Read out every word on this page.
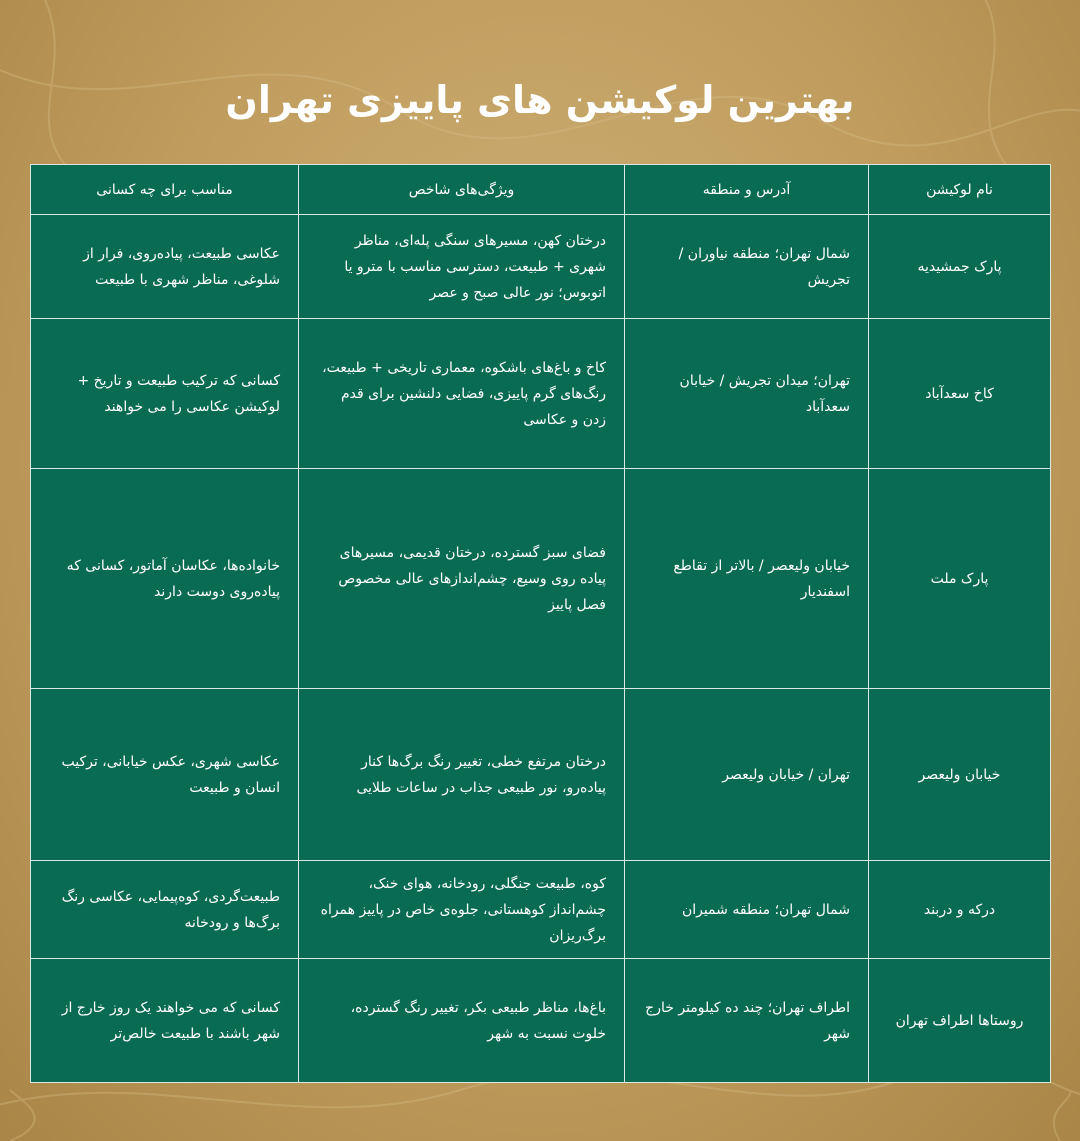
بهترین لوکیشن های پاییزی تهران
نام لوکیشن	آدرس و منطقه	ویژگی‌های شاخص	مناسب برای چه کسانی
پارک جمشیدیه	شمال تهران؛ منطقه نیاوران / تجریش	درختان کهن، مسیرهای سنگی پله‌ای، مناظر شهری + طبیعت، دسترسی مناسب با مترو یا اتوبوس؛ نور عالی صبح و عصر	عکاسی طبیعت، پیاده‌روی، فرار از شلوغی، مناظر شهری با طبیعت
کاخ سعدآباد	تهران؛ میدان تجریش / خیابان سعدآباد	کاخ و باغ‌های باشکوه، معماری تاریخی + طبیعت، رنگ‌های گرم پاییزی، فضایی دلنشین برای قدم زدن و عکاسی	کسانی که ترکیب طبیعت و تاریخ + لوکیشن عکاسی را می خواهند
پارک ملت	خیابان ولیعصر / بالاتر از تقاطع اسفندیار	فضای سبز گسترده، درختان قدیمی، مسیرهای پیاده روی وسیع، چشم‌اندازهای عالی مخصوص فصل پاییز	خانواده‌ها، عکاسان آماتور، کسانی که پیاده‌روی دوست دارند
خیابان ولیعصر	تهران / خیابان ولیعصر	درختان مرتفع خطی، تغییر رنگ برگ‌ها کنار پیاده‌رو، نور طبیعی جذاب در ساعات طلایی	عکاسی شهری، عکس خیابانی، ترکیب انسان و طبیعت
درکه و دربند	شمال تهران؛ منطقه شمیران	کوه، طبیعت جنگلی، رودخانه، هوای خنک، چشم‌انداز کوهستانی، جلوه‌ی خاص در پاییز همراه برگ‌ریزان	طبیعت‌گردی، کوه‌پیمایی، عکاسی رنگ برگ‌ها و رودخانه
روستاها اطراف تهران	اطراف تهران؛ چند ده کیلومتر خارج شهر	باغ‌ها، مناظر طبیعی بکر، تغییر رنگ گسترده، خلوت نسبت به شهر	کسانی که می خواهند یک روز خارج از شهر باشند با طبیعت خالص‌تر
